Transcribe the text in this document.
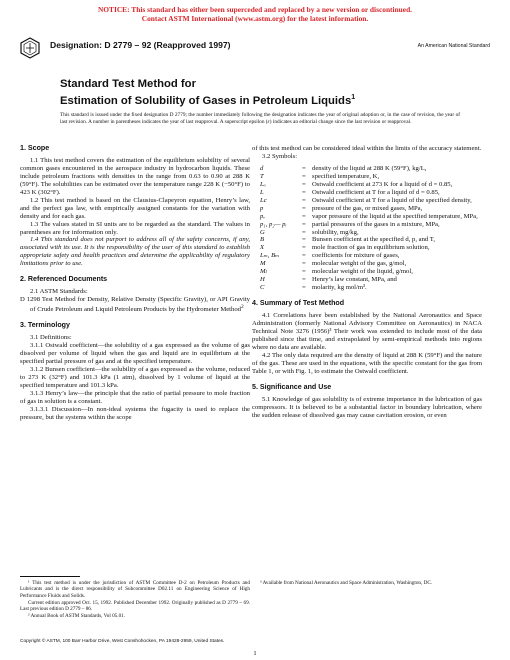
NOTICE: This standard has either been superceded and replaced by a new version or discontinued.
Contact ASTM International (www.astm.org) for the latest information.
Designation: D 2779 – 92 (Reapproved 1997)	An American National Standard
Standard Test Method for
Estimation of Solubility of Gases in Petroleum Liquids$^1$
This standard is issued under the fixed designation D 2779; the number immediately following the designation indicates the year of original adoption or, in the case of revision, the year of last revision. A number in parentheses indicates the year of last reapproval. A superscript epsilon (ε) indicates an editorial change since the last revision or reapproval.
1. Scope

1.1 This test method covers the estimation of the equilibrium solubility of several common gases encountered in the aerospace industry in hydrocarbon liquids. These include petroleum fractions with densities in the range from 0.63 to 0.90 at 288 K (59°F). The solubilities can be estimated over the temperature range 228 K (−50°F) to 423 K (302°F).

1.2 This test method is based on the Clausius-Clapeyron equation, Henry’s law, and the perfect gas law, with empirically assigned constants for the variation with density and for each gas.

1.3 The values stated in SI units are to be regarded as the standard. The values in parentheses are for information only.

1.4 This standard does not purport to address all of the safety concerns, if any, associated with its use. It is the responsibility of the user of this standard to establish appropriate safety and health practices and determine the applicability of regulatory limitations prior to use.

2. Referenced Documents

2.1 ASTM Standards:

D 1298 Test Method for Density, Relative Density (Specific Gravity), or API Gravity of Crude Petroleum and Liquid Petroleum Products by the Hydrometer Method$^2$

3. Terminology

3.1 Definitions:

3.1.1 Ostwald coefficient—the solubility of a gas expressed as the volume of gas dissolved per volume of liquid when the gas and liquid are in equilibrium at the specified partial pressure of gas and at the specified temperature.

3.1.2 Bunsen coefficient—the solubility of a gas expressed as the volume, reduced to 273 K (32°F) and 101.3 kPa (1 atm), dissolved by 1 volume of liquid at the specified temperature and 101.3 kPa.

3.1.3 Henry’s law—the principle that the ratio of partial pressure to mole fraction of gas in solution is a constant.

3.1.3.1 Discussion—In non-ideal systems the fugacity is used to replace the pressure, but the systems within the scope

of this test method can be considered ideal within the limits of the accuracy statement.

3.2 Symbols:

d	= density of the liquid at 288 K (59°F), kg/L,
T	= specified temperature, K,
Lₒ	= Ostwald coefficient at 273 K for a liquid of d = 0.85,
L	= Ostwald coefficient at T for a liquid of d = 0.85,
Lc	= Ostwald coefficient at T for a liquid of the specified density,
p	= pressure of the gas, or mixed gases, MPa,
pᵥ	= vapor pressure of the liquid at the specified temperature, MPa,
p₁, p₂— pᵢ	= partial pressures of the gases in a mixture, MPa,
G	= solubility, mg/kg,
B	= Bunsen coefficient at the specified d, p, and T,
X	= mole fraction of gas in equilibrium solution,
Lₘ, Bₘ	= coefficients for mixture of gases,
M	= molecular weight of the gas, g/mol,
Mₗ	= molecular weight of the liquid, g/mol,
H	= Henry’s law constant, MPa, and
C	= molarity, kg mol/m³.
4. Summary of Test Method

4.1 Correlations have been established by the National Aeronautics and Space Administration (formerly National Advisory Committee on Aeronautics) in NACA Technical Note 3276 (1956)³ Their work was extended to include most of the data published since that time, and extrapolated by semi-empirical methods into regions where no data are available.

4.2 The only data required are the density of liquid at 288 K (59°F) and the nature of the gas. These are used in the equations, with the specific constant for the gas from Table 1, or with Fig. 1, to estimate the Ostwald coefficient.

5. Significance and Use

5.1 Knowledge of gas solubility is of extreme importance in the lubrication of gas compressors. It is believed to be a substantial factor in boundary lubrication, where the sudden release of dissolved gas may cause cavitation erosion, or even

¹ This test method is under the jurisdiction of ASTM Committee D-2 on Petroleum Products and Lubricants and is the direct responsibility of Subcommittee D02.11 on Engineering Science of High Performance Fluids and Solids.

Current edition approved Oct. 15, 1992. Published December 1992. Originally published as D 2779 – 69. Last previous edition D 2779 – 86.

² Annual Book of ASTM Standards, Vol 05.01.

³ Available from National Aeronautics and Space Administration, Washington, DC.

Copyright © ASTM, 100 Barr Harbor Drive, West Conshohocken, PA 19428-2959, United States.
1
